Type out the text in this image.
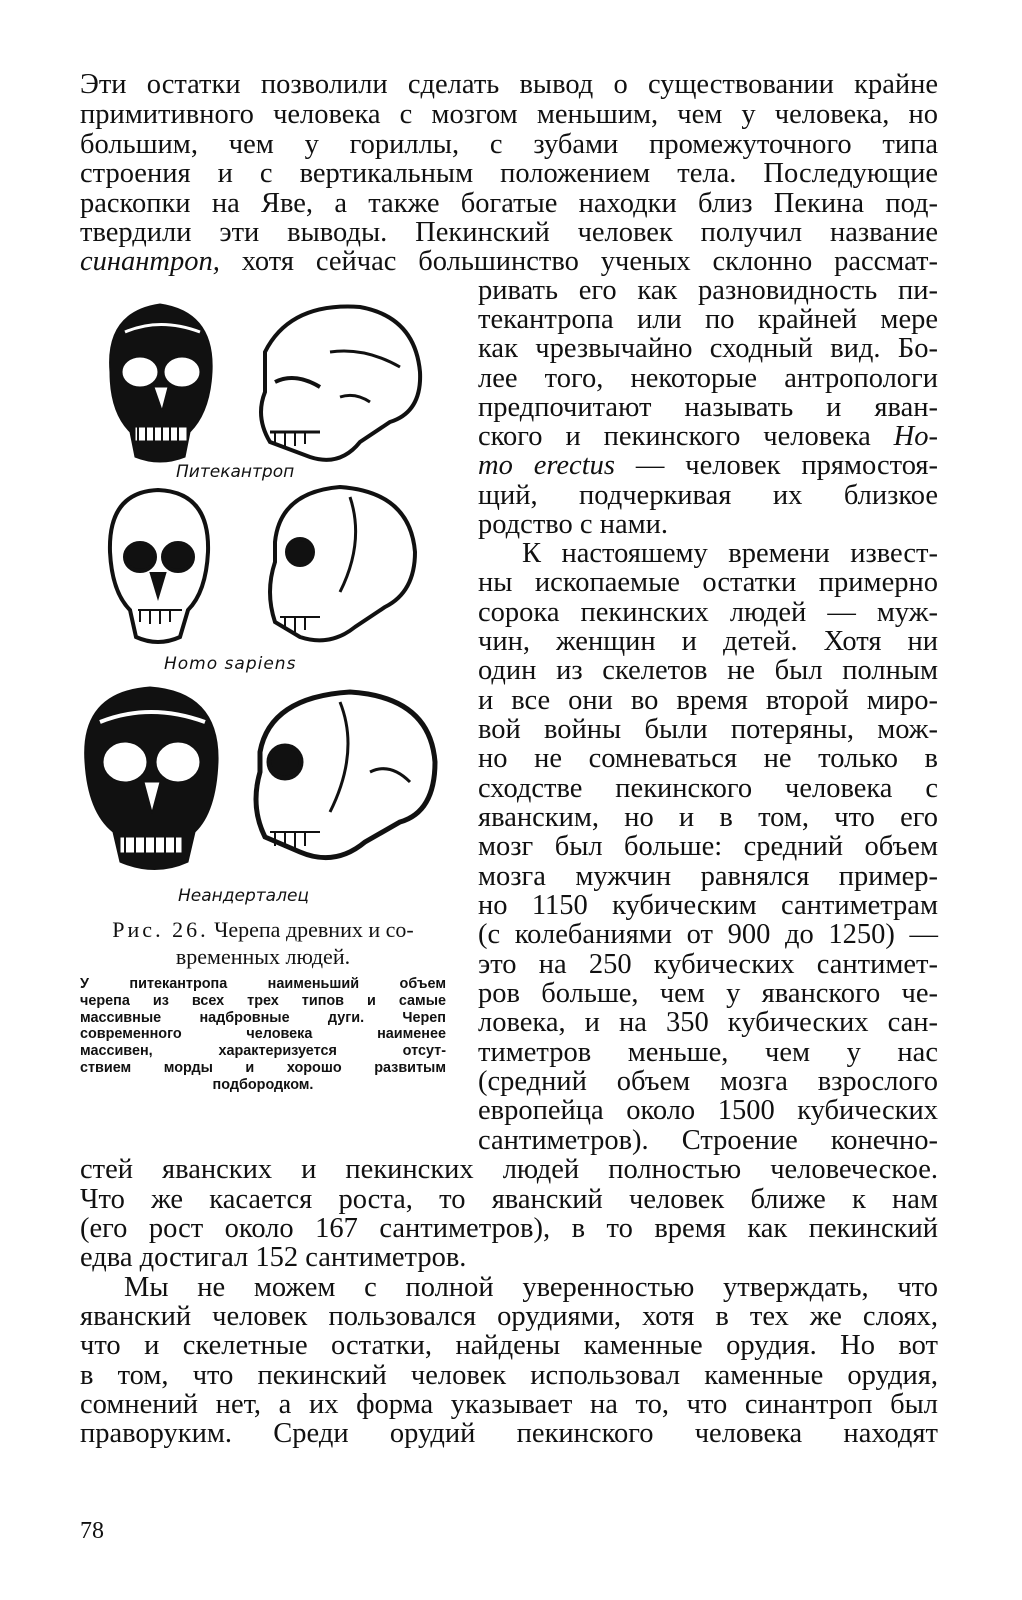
Эти остатки позволили сделать вывод о существовании крайне
примитивного человека с мозгом меньшим, чем у человека, но
большим, чем у гориллы, с зубами промежуточного типа
строения и с вертикальным положением тела. Последующие
раскопки на Яве, а также богатые находки близ Пекина под-
твердили эти выводы. Пекинский человек получил название
синантроп, хотя сейчас большинство ученых склонно рассмат-
ривать его как разновидность пи-
текантропа или по крайней мере
как чрезвычайно сходный вид. Бо-
лее того, некоторые антропологи
предпочитают называть и яван-
ского и пекинского человека Ho-
mo erectus — человек прямостоя-
щий, подчеркивая их близкое
родство с нами.
К настояшему времени извест-
ны ископаемые остатки примерно
сорока пекинских людей — муж-
чин, женщин и детей. Хотя ни
один из скелетов не был полным
и все они во время второй миро-
вой войны были потеряны, мож-
но не сомневаться не только в
сходстве пекинского человека с
яванским, но и в том, что его
мозг был больше: средний объем
мозга мужчин равнялся пример-
но 1150 кубическим сантиметрам
(с колебаниями от 900 до 1250) —
это на 250 кубических сантимет-
ров больше, чем у яванского че-
ловека, и на 350 кубических сан-
тиметров меньше, чем у нас
(средний объем мозга взрослого
европейца около 1500 кубических
сантиметров). Строение конечно-
стей яванских и пекинских людей полностью человеческое.
Что же касается роста, то яванский человек ближе к нам
(его рост около 167 сантиметров), в то время как пекинский
едва достигал 152 сантиметров.
Мы не можем с полной уверенностью утверждать, что
яванский человек пользовался орудиями, хотя в тех же слоях,
что и скелетные остатки, найдены каменные орудия. Но вот
в том, что пекинский человек использовал каменные орудия,
сомнений нет, а их форма указывает на то, что синантроп был
праворуким. Среди орудий пекинского человека находят
Питекантроп
Homo sapiens
Неандерталец
Рис. 26. Черепа древних и со-
временных людей.
У питекантропа наименьший объем
черепа из всех трех типов и самые
массивные надбровные дуги. Череп
современного человека наименее
массивен, характеризуется отсут-
ствием морды и хорошо развитым
подбородком.
78
